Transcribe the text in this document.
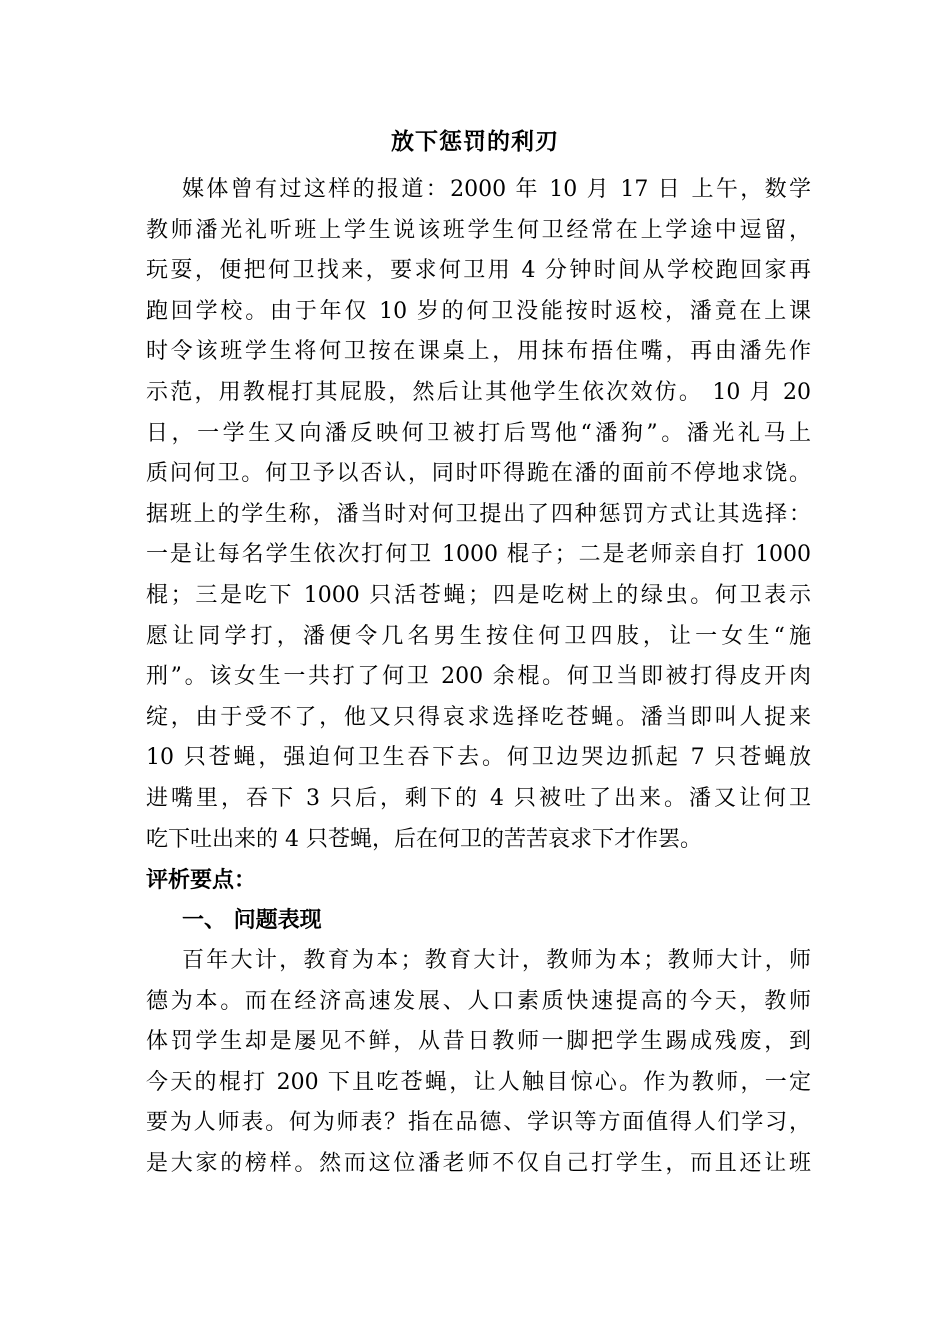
放下惩罚的利刃
媒体曾有过这样的报道：2000 年 10 月 17 日 上午，数学
教师潘光礼听班上学生说该班学生何卫经常在上学途中逗留，
玩耍，便把何卫找来，要求何卫用 4 分钟时间从学校跑回家再
跑回学校。由于年仅 10 岁的何卫没能按时返校，潘竟在上课
时令该班学生将何卫按在课桌上，用抹布捂住嘴，再由潘先作
示范，用教棍打其屁股，然后让其他学生依次效仿。 10 月 20
日，一学生又向潘反映何卫被打后骂他“潘狗”。潘光礼马上
质问何卫。何卫予以否认，同时吓得跪在潘的面前不停地求饶。
据班上的学生称，潘当时对何卫提出了四种惩罚方式让其选择：
一是让每名学生依次打何卫 1000 棍子；二是老师亲自打 1000
棍；三是吃下 1000 只活苍蝇；四是吃树上的绿虫。何卫表示
愿让同学打，潘便令几名男生按住何卫四肢，让一女生“施
刑”。该女生一共打了何卫 200 余棍。何卫当即被打得皮开肉
绽，由于受不了，他又只得哀求选择吃苍蝇。潘当即叫人捉来
10 只苍蝇，强迫何卫生吞下去。何卫边哭边抓起 7 只苍蝇放
进嘴里，吞下 3 只后，剩下的 4 只被吐了出来。潘又让何卫
吃下吐出来的 4 只苍蝇，后在何卫的苦苦哀求下才作罢。
评析要点：
一、 问题表现
百年大计，教育为本；教育大计，教师为本；教师大计，师
德为本。而在经济高速发展、人口素质快速提高的今天，教师
体罚学生却是屡见不鲜，从昔日教师一脚把学生踢成残废，到
今天的棍打 200 下且吃苍蝇，让人触目惊心。作为教师，一定
要为人师表。何为师表？指在品德、学识等方面值得人们学习，
是大家的榜样。然而这位潘老师不仅自己打学生，而且还让班
